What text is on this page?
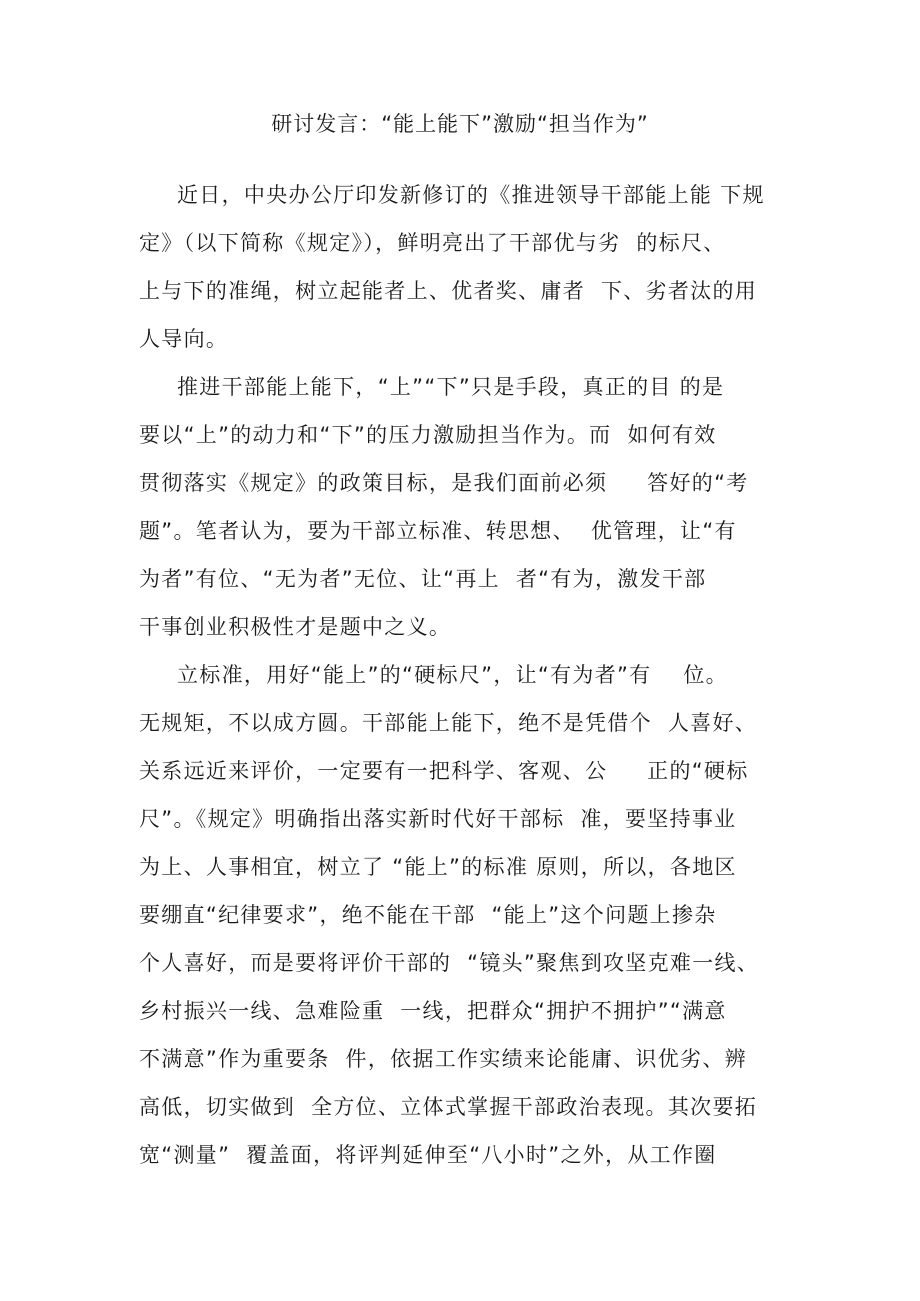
研讨发言：“能上能下”激励“担当作为”

近日，中央办公厅印发新修订的《推进领导干部能上能 下规

定》（以下简称《规定》），鲜明亮出了干部优与劣  的标尺、

上与下的准绳，树立起能者上、优者奖、庸者  下、劣者汰的用

人导向。

推进干部能上能下，“上”“下”只是手段，真正的目 的是

要以“上”的动力和“下”的压力激励担当作为。而  如何有效

贯彻落实《规定》的政策目标，是我们面前必须     答好的“考

题”。笔者认为，要为干部立标准、转思想、  优管理，让“有

为者”有位、“无为者”无位、让“再上  者“有为，激发干部

干事创业积极性才是题中之义。

立标准，用好“能上”的“硬标尺”，让“有为者”有    位。

无规矩，不以成方圆。干部能上能下，绝不是凭借个  人喜好、

关系远近来评价，一定要有一把科学、客观、公     正的“硬标

尺”。《规定》明确指出落实新时代好干部标  准，要坚持事业

为上、人事相宜，树立了 “能上”的标准 原则，所以，各地区

要绷直“纪律要求”，绝不能在干部  “能上”这个问题上掺杂

个人喜好，而是要将评价干部的  “镜头”聚焦到攻坚克难一线、

乡村振兴一线、急难险重  一线，把群众“拥护不拥护”“满意

不满意”作为重要条  件，依据工作实绩来论能庸、识优劣、辨

高低，切实做到  全方位、立体式掌握干部政治表现。其次要拓

宽“测量”  覆盖面，将评判延伸至“八小时”之外，从工作圈
